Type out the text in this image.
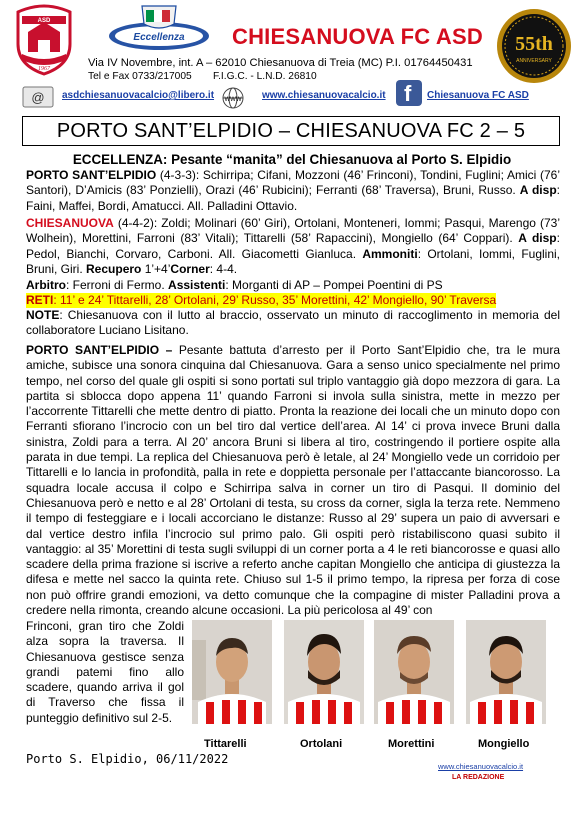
ASD
1967
Eccellenza CHIESANUOVA FC ASD 55th
ANNIVERSARY
Via IV Novembre, int. A – 62010 Chiesanuova di Treia (MC) P.I. 01764450431
Tel e Fax 0733/217005 F.I.G.C. - L.N.D. 26810
@ asdchiesanuovacalcio@libero.it WWW www.chiesanuovacalcio.it f Chiesanuova FC ASD
PORTO SANT’ELPIDIO – CHIESANUOVA FC 2 – 5
ECCELLENZA: Pesante “manita” del Chiesanuova al Porto S. Elpidio
PORTO SANT’ELPIDIO (4-3-3): Schirripa; Cifani, Mozzoni (46’ Frinconi), Tondini, Fuglini; Amici (76’ Santori), D’Amicis (83’ Ponzielli), Orazi (46’ Rubicini); Ferranti (68’ Traversa), Bruni, Russo. A disp: Faini, Maffei, Bordi, Amatucci. All. Palladini Ottavio.
CHIESANUOVA (4-4-2): Zoldi; Molinari (60’ Giri), Ortolani, Monteneri, Iommi; Pasqui, Marengo (73’ Wolhein), Morettini, Farroni (83’ Vitali); Tittarelli (58’ Rapaccini), Mongiello (64’ Coppari). A disp: Pedol, Bianchi, Corvaro, Carboni. All. Giacometti Gianluca. Ammoniti: Ortolani, Iommi, Fuglini, Bruni, Giri. Recupero 1’+4’Corner: 4-4.
Arbitro: Ferroni di Fermo. Assistenti: Morganti di AP – Pompei Poentini di PS
RETI: 11’ e 24’ Tittarelli, 28’ Ortolani, 29’ Russo, 35’ Morettini, 42’ Mongiello, 90’ Traversa
NOTE: Chiesanuova con il lutto al braccio, osservato un minuto di raccoglimento in memoria del collaboratore Luciano Lisitano.
PORTO SANT’ELPIDIO – Pesante battuta d’arresto per il Porto Sant’Elpidio che, tra le mura amiche, subisce una sonora cinquina dal Chiesanuova. Gara a senso unico specialmente nel primo tempo, nel corso del quale gli ospiti si sono portati sul triplo vantaggio già dopo mezzora di gara. La partita si sblocca dopo appena 11’ quando Farroni si invola sulla sinistra, mette in mezzo per l’accorrente Tittarelli che mette dentro di piatto. Pronta la reazione dei locali che un minuto dopo con Ferranti sfiorano l’incrocio con un bel tiro dal vertice dell’area. Al 14’ ci prova invece Bruni dalla sinistra, Zoldi para a terra. Al 20’ ancora Bruni si libera al tiro, costringendo il portiere ospite alla parata in due tempi. La replica del Chiesanuova però è letale, al 24’ Mongiello vede un corridoio per Tittarelli e lo lancia in profondità, palla in rete e doppietta personale per l’attaccante biancorosso. La squadra locale accusa il colpo e Schirripa salva in corner un tiro di Pasqui. Il dominio del Chiesanuova però e netto e al 28’ Ortolani di testa, su cross da corner, sigla la terza rete. Nemmeno il tempo di festeggiare e i locali accorciano le distanze: Russo al 29’ supera un paio di avversari e dal vertice destro infila l’incrocio sul primo palo. Gli ospiti però ristabiliscono quasi subito il vantaggio: al 35’ Morettini di testa sugli sviluppi di un corner porta a 4 le reti biancorosse e quasi allo scadere della prima frazione si iscrive a referto anche capitan Mongiello che anticipa di giustezza la difesa e mette nel sacco la quinta rete. Chiuso sul 1-5 il primo tempo, la ripresa per forza di cose non può offrire grandi emozioni, va detto comunque che la compagine di mister Palladini prova a credere nella rimonta, creando alcune occasioni. La più pericolosa al 49’ con
Frinconi, gran tiro che Zoldi alza sopra la traversa. Il Chiesanuova gestisce senza grandi patemi fino allo scadere, quando arriva il gol di Traverso che fissa il punteggio definitivo sul 2-5.
Tittarelli	Ortolani	Morettini	Mongiello
Porto S. Elpidio, 06/11/2022
www.chiesanuovacalcio.it
LA REDAZIONE
